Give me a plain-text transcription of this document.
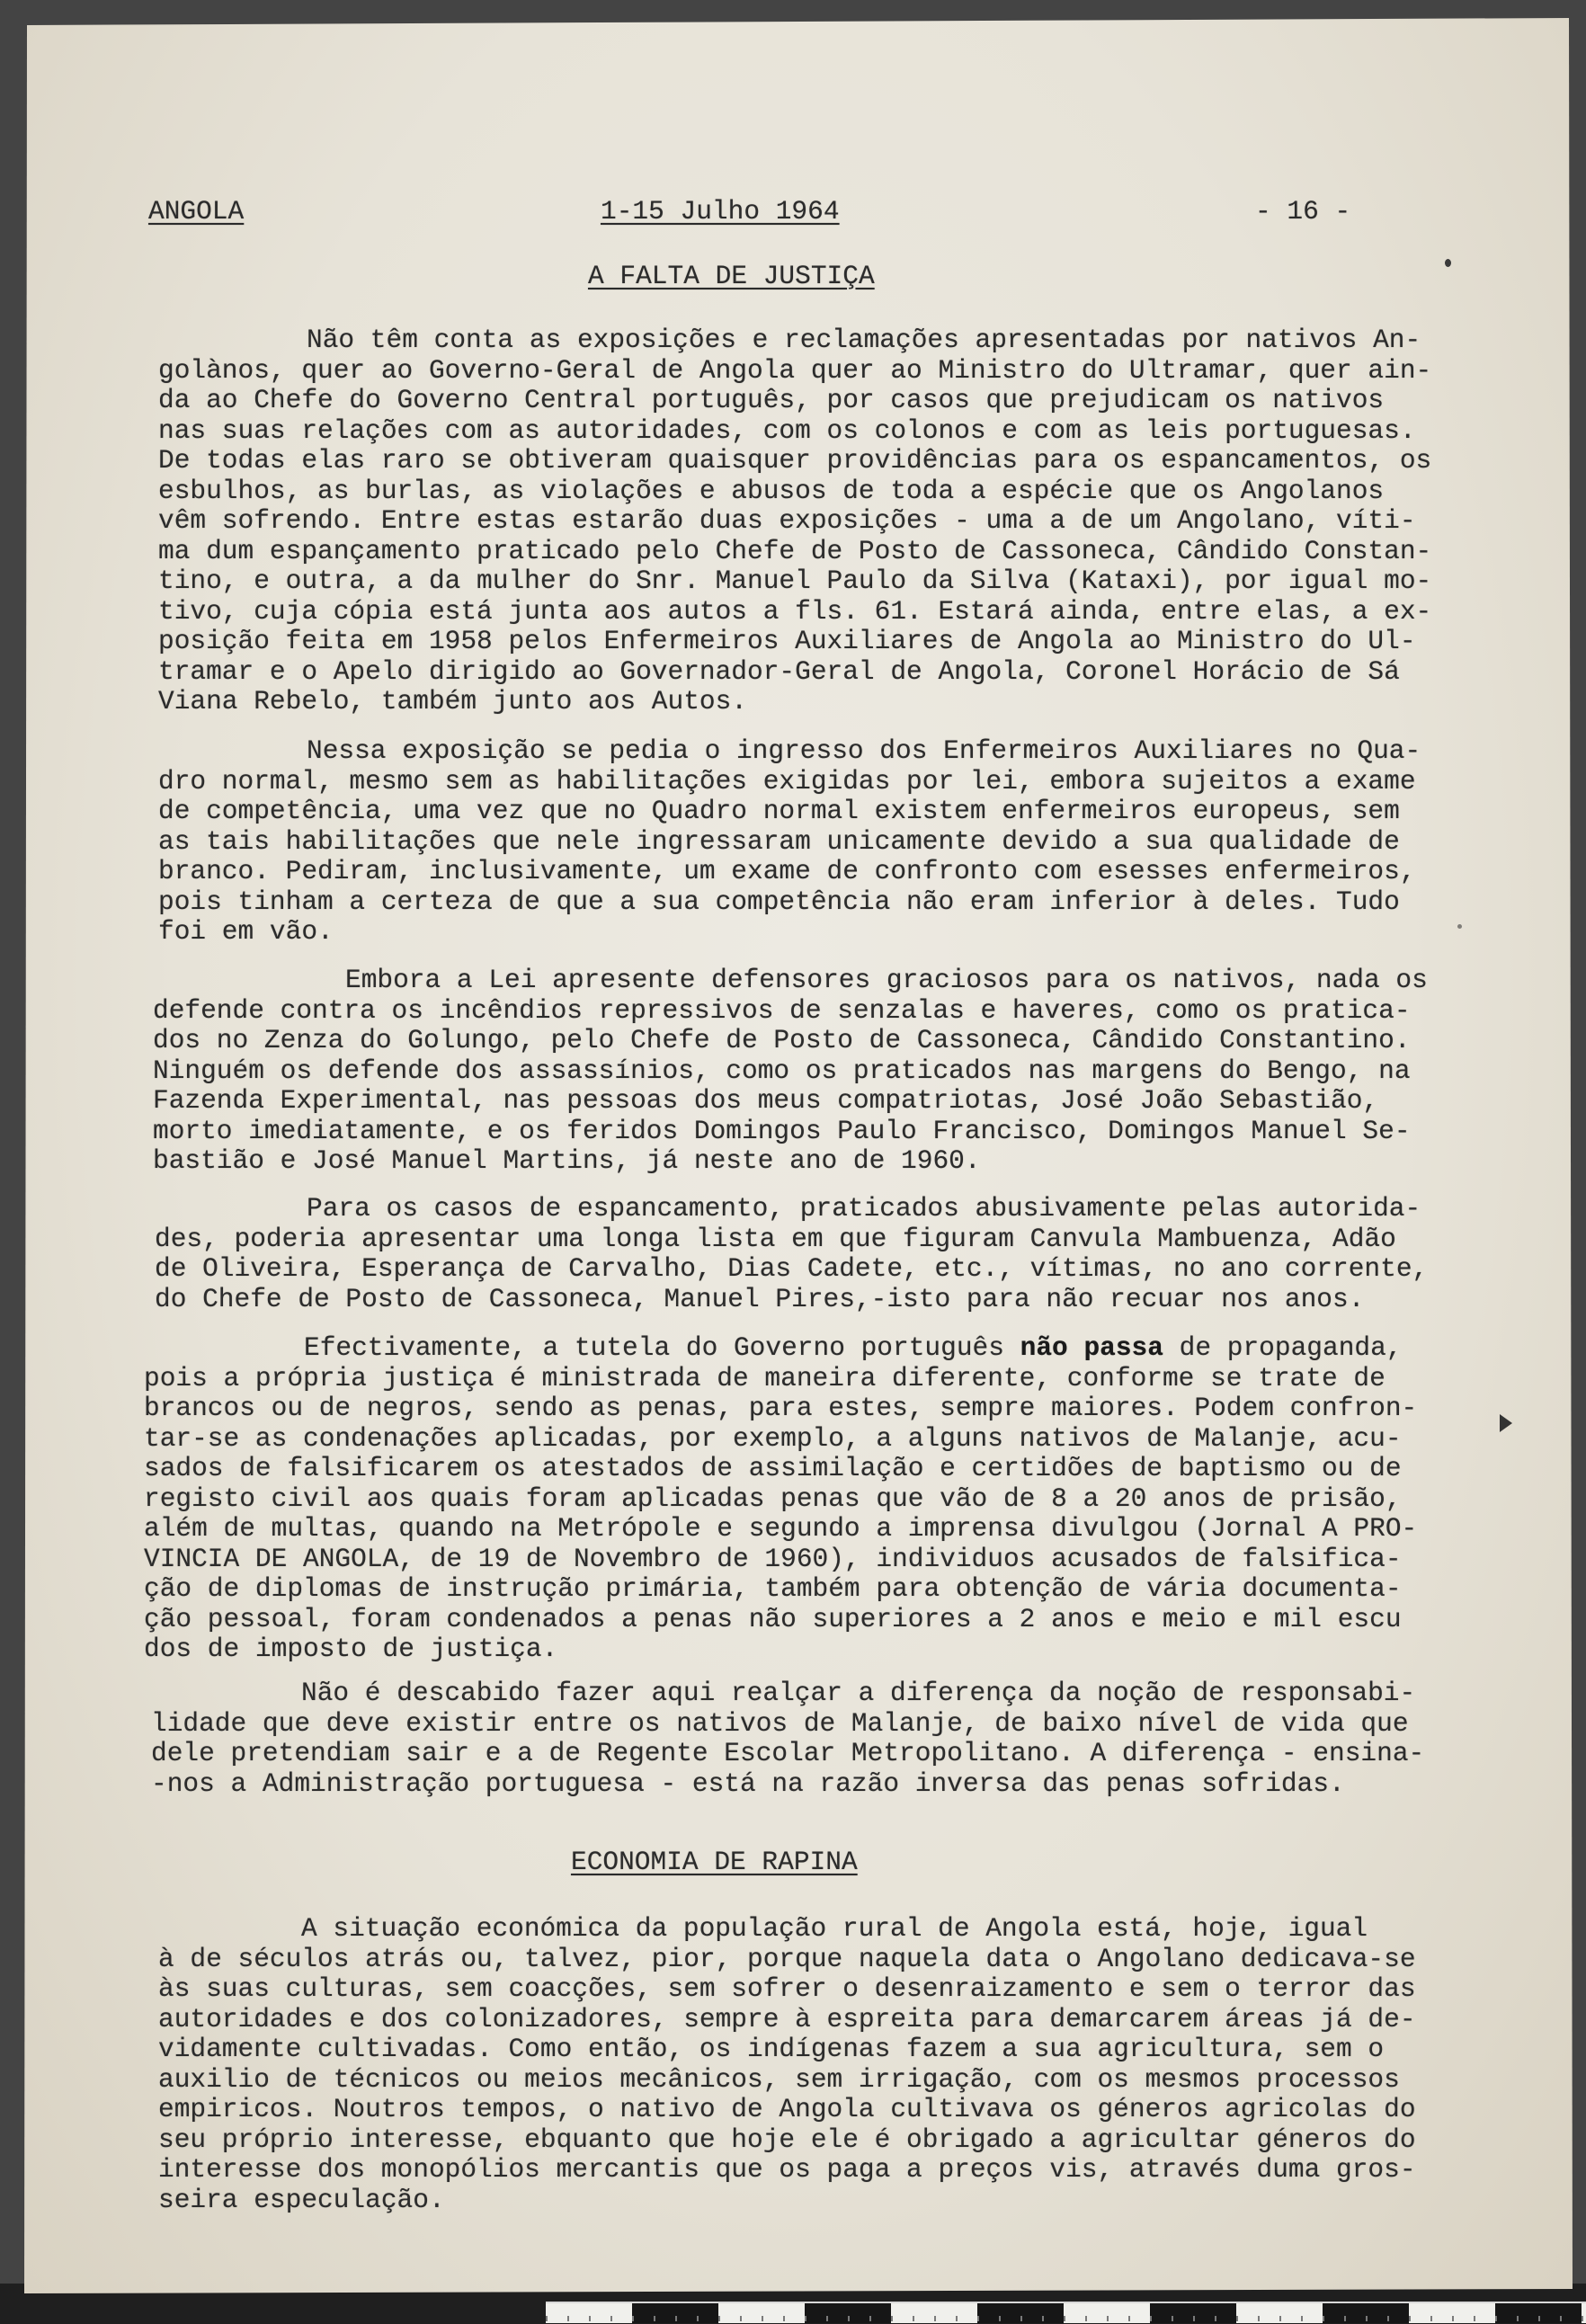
ANGOLA	1-15 Julho 1964	- 16 -
A FALTA DE JUSTIÇA
Não têm conta as exposições e reclamações apresentadas por nativos An-
golànos, quer ao Governo-Geral de Angola quer ao Ministro do Ultramar, quer ain-
da ao Chefe do Governo Central português, por casos que prejudicam os nativos
nas suas relações com as autoridades, com os colonos e com as leis portuguesas.
De todas elas raro se obtiveram quaisquer providências para os espancamentos, os
esbulhos, as burlas, as violações e abusos de toda a espécie que os Angolanos
vêm sofrendo. Entre estas estarão duas exposições - uma a de um Angolano, víti-
ma dum espançamento praticado pelo Chefe de Posto de Cassoneca, Cândido Constan-
tino, e outra, a da mulher do Snr. Manuel Paulo da Silva (Kataxi), por igual mo-
tivo, cuja cópia está junta aos autos a fls. 61. Estará ainda, entre elas, a ex-
posição feita em 1958 pelos Enfermeiros Auxiliares de Angola ao Ministro do Ul-
tramar e o Apelo dirigido ao Governador-Geral de Angola, Coronel Horácio de Sá
Viana Rebelo, também junto aos Autos.
Nessa exposição se pedia o ingresso dos Enfermeiros Auxiliares no Qua-
dro normal, mesmo sem as habilitações exigidas por lei, embora sujeitos a exame
de competência, uma vez que no Quadro normal existem enfermeiros europeus, sem
as tais habilitações que nele ingressaram unicamente devido a sua qualidade de
branco. Pediram, inclusivamente, um exame de confronto com esesses enfermeiros,
pois tinham a certeza de que a sua competência não eram inferior à deles. Tudo
foi em vão.
Embora a Lei apresente defensores graciosos para os nativos, nada os
defende contra os incêndios repressivos de senzalas e haveres, como os pratica-
dos no Zenza do Golungo, pelo Chefe de Posto de Cassoneca, Cândido Constantino.
Ninguém os defende dos assassínios, como os praticados nas margens do Bengo, na
Fazenda Experimental, nas pessoas dos meus compatriotas, José João Sebastião,
morto imediatamente, e os feridos Domingos Paulo Francisco, Domingos Manuel Se-
bastião e José Manuel Martins, já neste ano de 1960.
Para os casos de espancamento, praticados abusivamente pelas autorida-
des, poderia apresentar uma longa lista em que figuram Canvula Mambuenza, Adão
de Oliveira, Esperança de Carvalho, Dias Cadete, etc., vítimas, no ano corrente,
do Chefe de Posto de Cassoneca, Manuel Pires,-isto para não recuar nos anos.
Efectivamente, a tutela do Governo português não passa de propaganda,
pois a própria justiça é ministrada de maneira diferente, conforme se trate de
brancos ou de negros, sendo as penas, para estes, sempre maiores. Podem confron-
tar-se as condenações aplicadas, por exemplo, a alguns nativos de Malanje, acu-
sados de falsificarem os atestados de assimilação e certidões de baptismo ou de
registo civil aos quais foram aplicadas penas que vão de 8 a 20 anos de prisão,
além de multas, quando na Metrópole e segundo a imprensa divulgou (Jornal A PRO-
VINCIA DE ANGOLA, de 19 de Novembro de 1960), individuos acusados de falsifica-
ção de diplomas de instrução primária, também para obtenção de vária documenta-
ção pessoal, foram condenados a penas não superiores a 2 anos e meio e mil escu
dos de imposto de justiça.
Não é descabido fazer aqui realçar a diferença da noção de responsabi-
lidade que deve existir entre os nativos de Malanje, de baixo nível de vida que
dele pretendiam sair e a de Regente Escolar Metropolitano. A diferença - ensina-
-nos a Administração portuguesa - está na razão inversa das penas sofridas.
ECONOMIA DE RAPINA
A situação económica da população rural de Angola está, hoje, igual
à de séculos atrás ou, talvez, pior, porque naquela data o Angolano dedicava-se
às suas culturas, sem coacções, sem sofrer o desenraizamento e sem o terror das
autoridades e dos colonizadores, sempre à espreita para demarcarem áreas já de-
vidamente cultivadas. Como então, os indígenas fazem a sua agricultura, sem o
auxilio de técnicos ou meios mecânicos, sem irrigação, com os mesmos processos
empiricos. Noutros tempos, o nativo de Angola cultivava os géneros agricolas do
seu próprio interesse, ebquanto que hoje ele é obrigado a agricultar géneros do
interesse dos monopólios mercantis que os paga a preços vis, através duma gros-
seira especulação.
